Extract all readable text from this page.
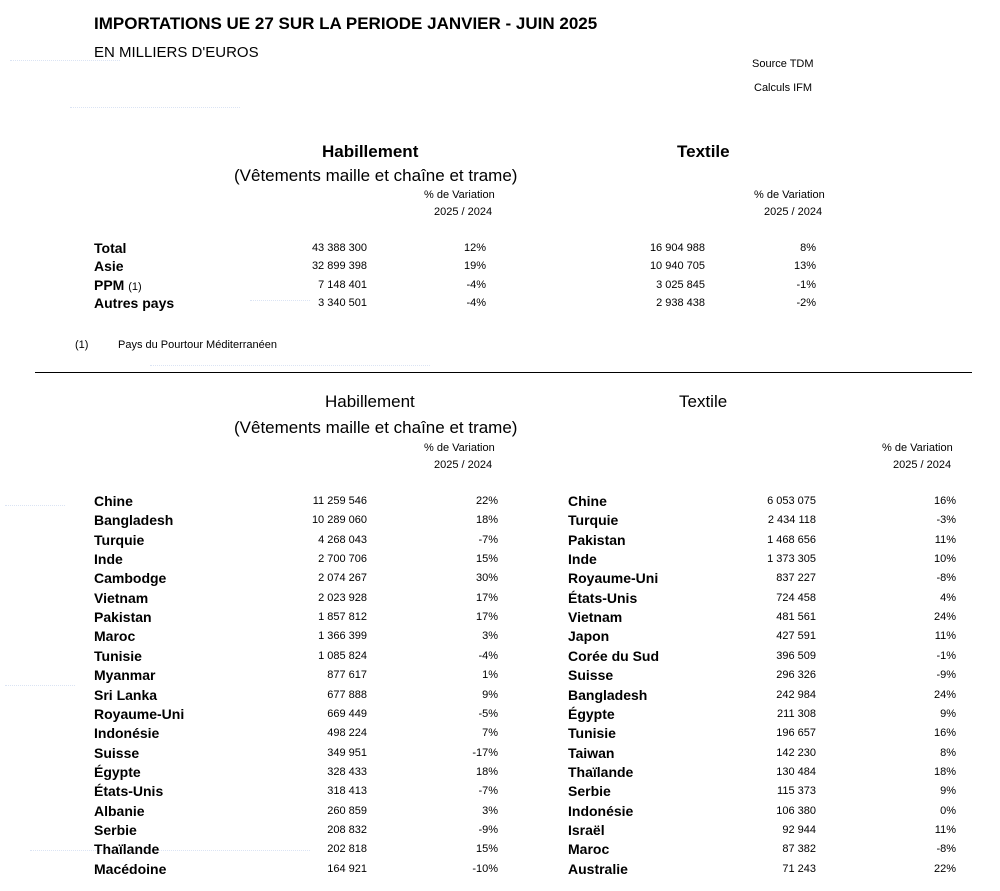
IMPORTATIONS UE 27 SUR LA PERIODE JANVIER - JUIN 2025
EN MILLIERS D'EUROS
Source TDM
Calculs IFM
Habillement
(Vêtements maille et chaîne et trame)
Textile
% de Variation
2025 / 2024
% de Variation
2025 / 2024
Total	43 388 300	12%	16 904 988	8%
Asie	32 899 398	19%	10 940 705	13%
PPM (1)	7 148 401	-4%	3 025 845	-1%
Autres pays	3 340 501	-4%	2 938 438	-2%
(1)	Pays du Pourtour Méditerranéen
Habillement
(Vêtements maille et chaîne et trame)
Textile
% de Variation
2025 / 2024
% de Variation
2025 / 2024
Chine	11 259 546	22%
Bangladesh	10 289 060	18%
Turquie	4 268 043	-7%
Inde	2 700 706	15%
Cambodge	2 074 267	30%
Vietnam	2 023 928	17%
Pakistan	1 857 812	17%
Maroc	1 366 399	3%
Tunisie	1 085 824	-4%
Myanmar	877 617	1%
Sri Lanka	677 888	9%
Royaume-Uni	669 449	-5%
Indonésie	498 224	7%
Suisse	349 951	-17%
Égypte	328 433	18%
États-Unis	318 413	-7%
Albanie	260 859	3%
Serbie	208 832	-9%
Thaïlande	202 818	15%
Macédoine	164 921	-10%
Chine	6 053 075	16%
Turquie	2 434 118	-3%
Pakistan	1 468 656	11%
Inde	1 373 305	10%
Royaume-Uni	837 227	-8%
États-Unis	724 458	4%
Vietnam	481 561	24%
Japon	427 591	11%
Corée du Sud	396 509	-1%
Suisse	296 326	-9%
Bangladesh	242 984	24%
Égypte	211 308	9%
Tunisie	196 657	16%
Taiwan	142 230	8%
Thaïlande	130 484	18%
Serbie	115 373	9%
Indonésie	106 380	0%
Israël	92 944	11%
Maroc	87 382	-8%
Australie	71 243	22%
